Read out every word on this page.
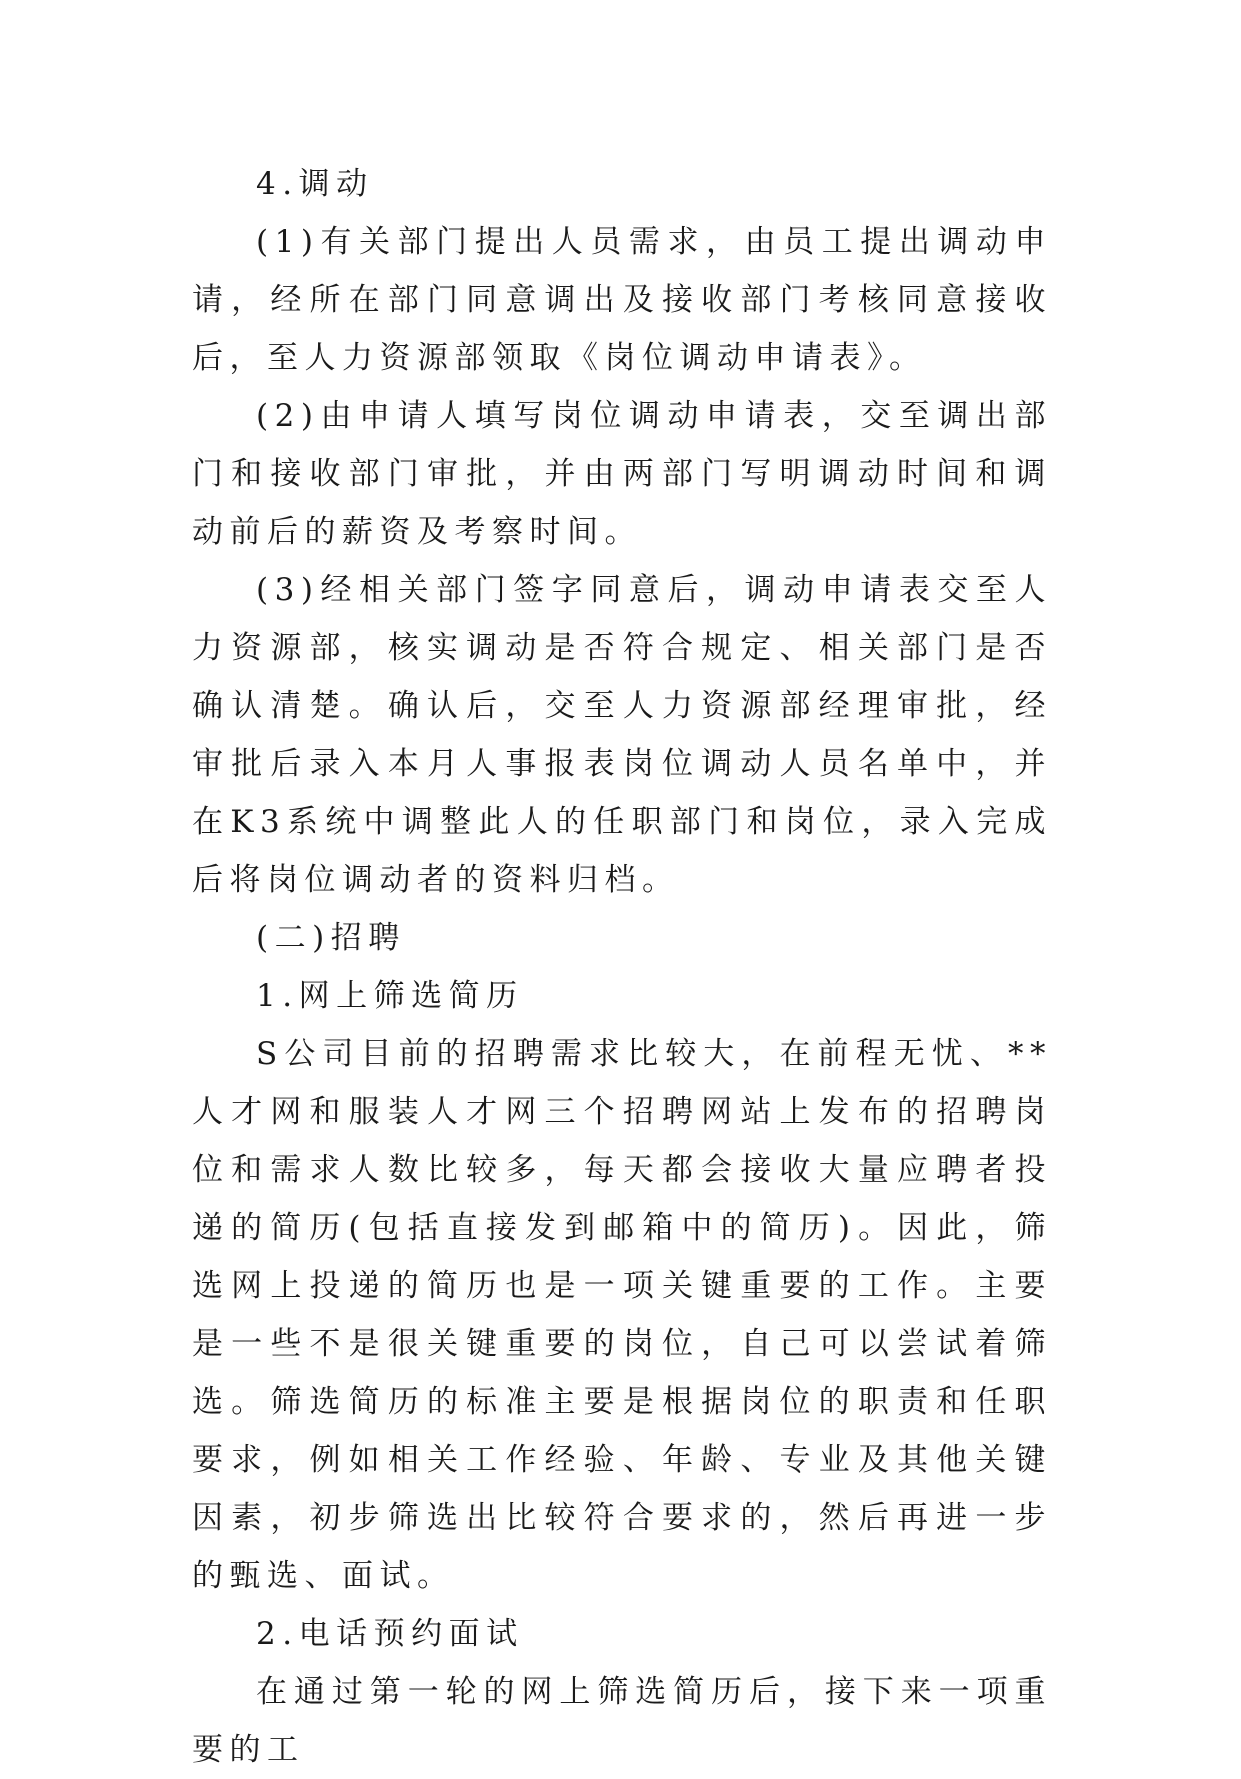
4.调动

(1)有关部门提出人员需求，由员工提出调动申请，经所在部门同意调出及接收部门考核同意接收后，至人力资源部领取《岗位调动申请表》。

(2)由申请人填写岗位调动申请表，交至调出部门和接收部门审批，并由两部门写明调动时间和调动前后的薪资及考察时间。

(3)经相关部门签字同意后，调动申请表交至人力资源部，核实调动是否符合规定、相关部门是否确认清楚。确认后，交至人力资源部经理审批，经审批后录入本月人事报表岗位调动人员名单中，并在K3系统中调整此人的任职部门和岗位，录入完成后将岗位调动者的资料归档。

(二)招聘

1.网上筛选简历

S公司目前的招聘需求比较大，在前程无忧、**人才网和服装人才网三个招聘网站上发布的招聘岗位和需求人数比较多，每天都会接收大量应聘者投递的简历(包括直接发到邮箱中的简历)。因此，筛选网上投递的简历也是一项关键重要的工作。主要是一些不是很关键重要的岗位，自己可以尝试着筛选。筛选简历的标准主要是根据岗位的职责和任职要求，例如相关工作经验、年龄、专业及其他关键因素，初步筛选出比较符合要求的，然后再进一步的甄选、面试。

2.电话预约面试

在通过第一轮的网上筛选简历后，接下来一项重要的工
